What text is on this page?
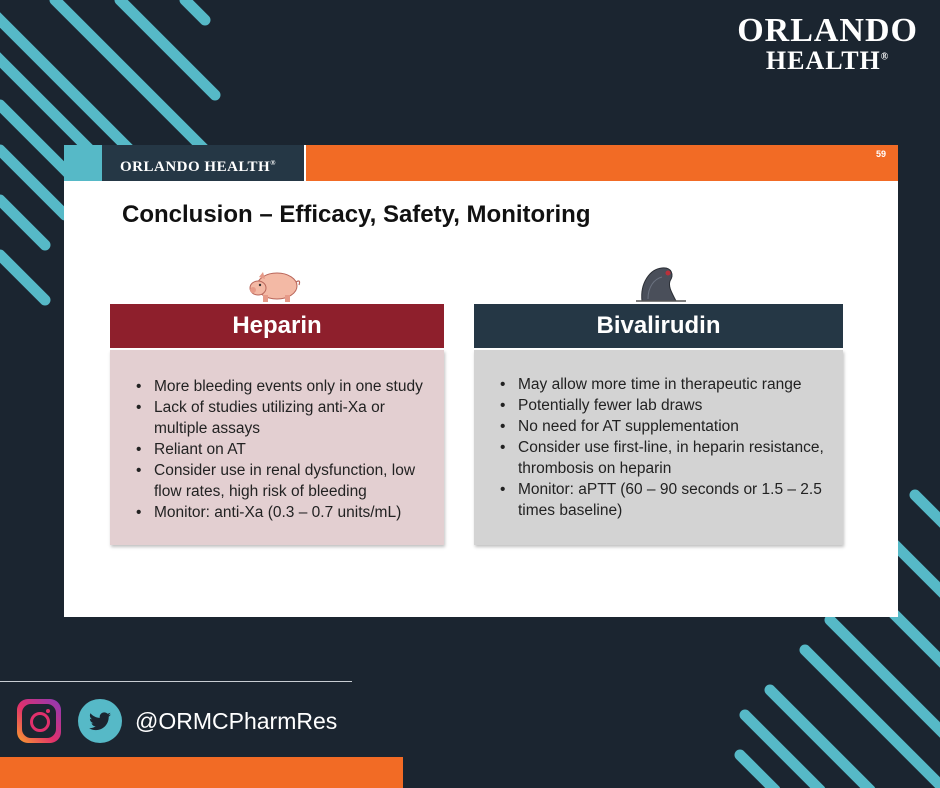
ORLANDO
HEALTH®
ORLANDO HEALTH®
59
Conclusion – Efficacy, Safety, Monitoring
Heparin
• More bleeding events only in one study
• Lack of studies utilizing anti-Xa or multiple assays
• Reliant on AT
• Consider use in renal dysfunction, low flow rates, high risk of bleeding
• Monitor: anti-Xa (0.3 – 0.7 units/mL)
Bivalirudin
• May allow more time in therapeutic range
• Potentially fewer lab draws
• No need for AT supplementation
• Consider use first-line, in heparin resistance, thrombosis on heparin
• Monitor: aPTT (60 – 90 seconds or 1.5 – 2.5 times baseline)
@ORMCPharmRes
